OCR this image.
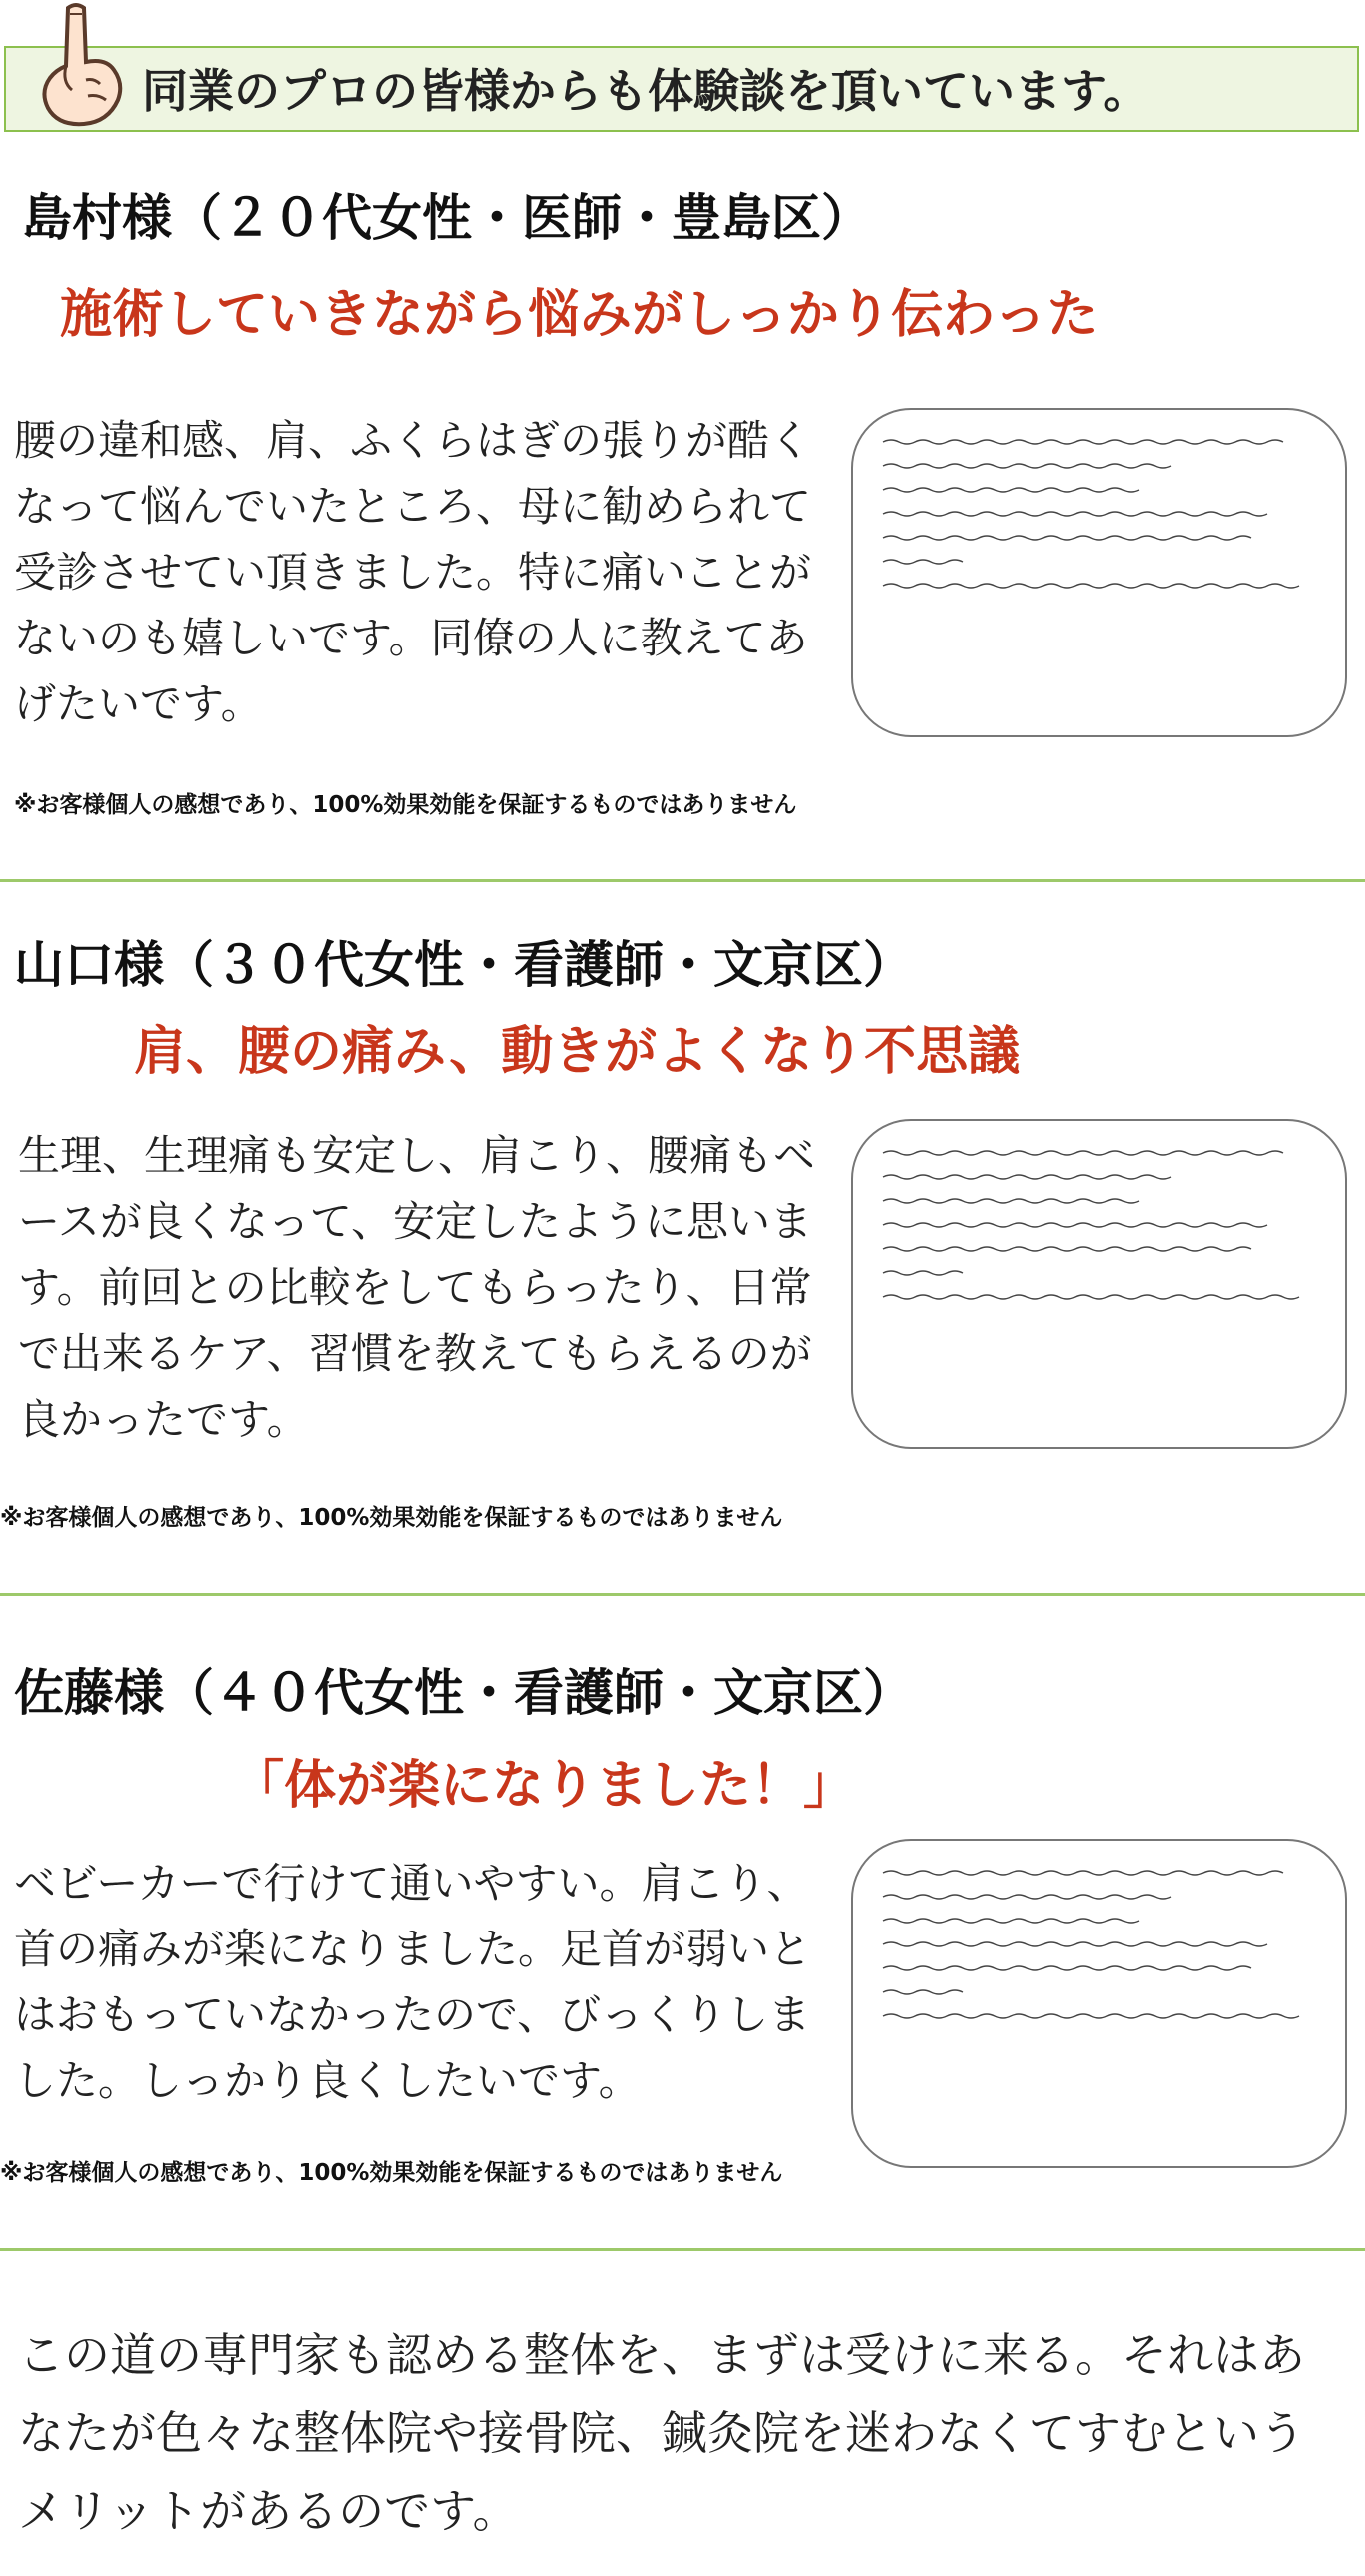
同業のプロの皆様からも体験談を頂いています。
島村様（２０代女性・医師・豊島区）
施術していきながら悩みがしっかり伝わった
腰の違和感、肩、ふくらはぎの張りが酷くなって悩んでいたところ、母に勧められて受診させてい頂きました。特に痛いことがないのも嬉しいです。同僚の人に教えてあげたいです。
※お客様個人の感想であり、100%効果効能を保証するものではありません
山口様（３０代女性・看護師・文京区）
肩、腰の痛み、動きがよくなり不思議
生理、生理痛も安定し、肩こり、腰痛もベースが良くなって、安定したように思います。前回との比較をしてもらったり、日常で出来るケア、習慣を教えてもらえるのが良かったです。
※お客様個人の感想であり、100%効果効能を保証するものではありません
佐藤様（４０代女性・看護師・文京区）
「体が楽になりました！」
ベビーカーで行けて通いやすい。肩こり、首の痛みが楽になりました。足首が弱いとはおもっていなかったので、びっくりしました。しっかり良くしたいです。
※お客様個人の感想であり、100%効果効能を保証するものではありません
この道の専門家も認める整体を、まずは受けに来る。それはあなたが色々な整体院や接骨院、鍼灸院を迷わなくてすむというメリットがあるのです。
